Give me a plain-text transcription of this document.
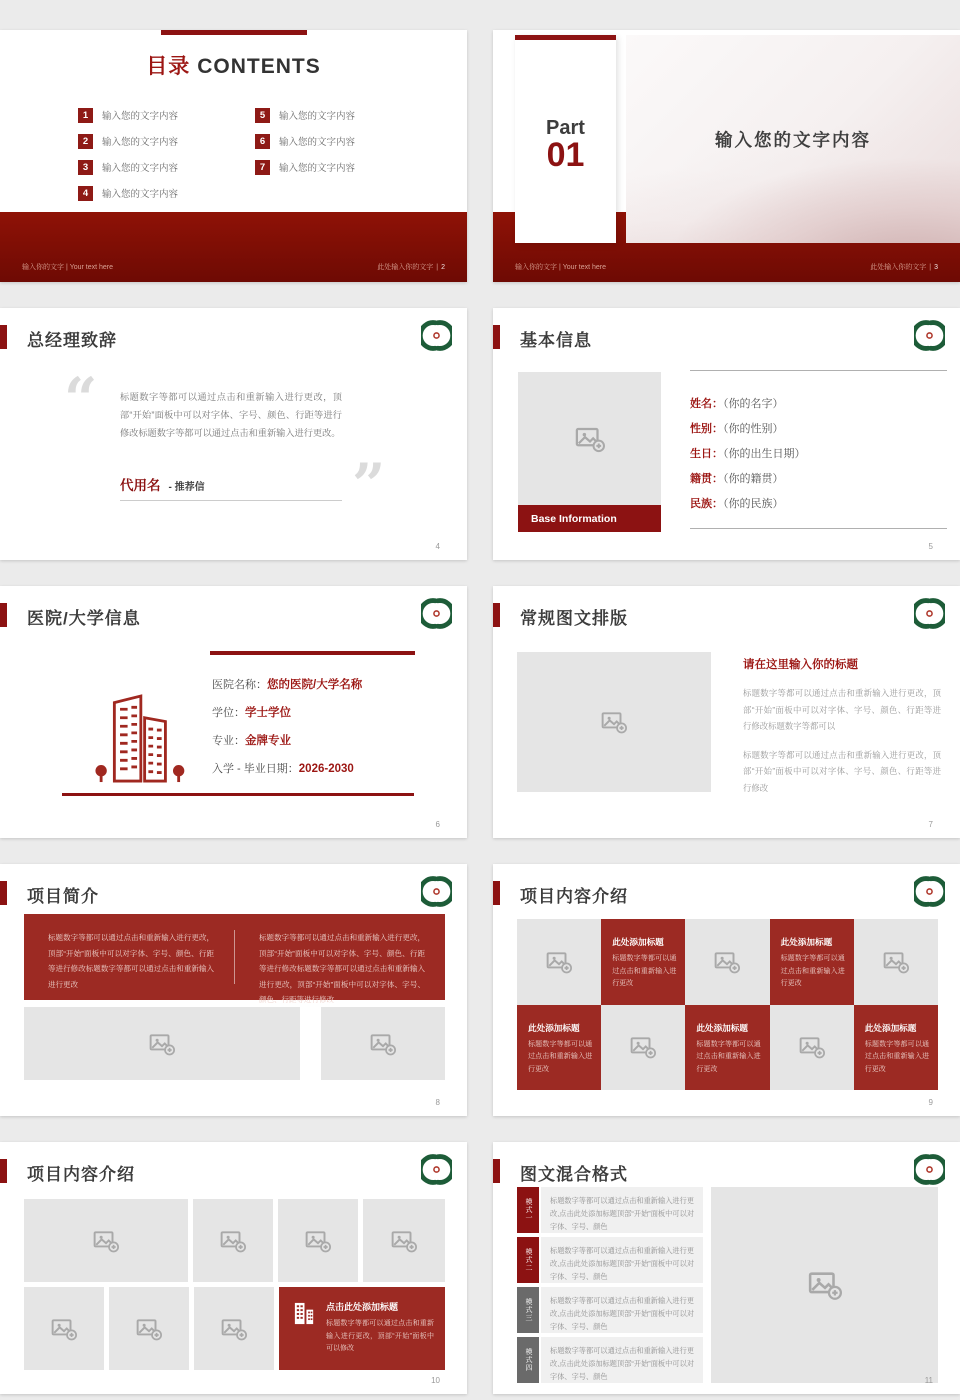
目录 CONTENTS
1	输入您的文字内容
2	输入您的文字内容
3	输入您的文字内容
4	输入您的文字内容
5	输入您的文字内容
6	输入您的文字内容
7	输入您的文字内容
输入你的文字 | Your text here	此处输入你的文字 | 2
输入您的文字内容
Part
01
输入你的文字 | Your text here	此处输入你的文字 | 3
总经理致辞
“ 标题数字等都可以通过点击和重新输入进行更改，顶部“开始”面板中可以对字体、字号、颜色、行距等进行修改标题数字等都可以通过点击和重新输入进行更改。
代用名 - 推荐信	”
4
基本信息
Base Information
姓名：（你的名字）
性别：（你的性别）
生日：（你的出生日期）
籍贯：（你的籍贯）
民族：（你的民族）
5
医院/大学信息
医院名称：您的医院/大学名称
学位：学士学位
专业：金牌专业
入学 - 毕业日期：2026-2030
6
常规图文排版
请在这里输入你的标题
标题数字等都可以通过点击和重新输入进行更改，顶部“开始”面板中可以对字体、字号、颜色、行距等进行修改标题数字等都可以
标题数字等都可以通过点击和重新输入进行更改，顶部“开始”面板中可以对字体、字号、颜色、行距等进行修改
7
项目简介
标题数字等都可以通过点击和重新输入进行更改，顶部“开始”面板中可以对字体、字号、颜色、行距等进行修改标题数字等都可以通过点击和重新输入进行更改
标题数字等都可以通过点击和重新输入进行更改，顶部“开始”面板中可以对字体、字号、颜色、行距等进行修改标题数字等都可以通过点击和重新输入进行更改，顶部“开始”面板中可以对字体、字号、颜色、行距等进行修改
8
项目内容介绍
此处添加标题
标题数字等都可以通过点击和重新输入进行更改
此处添加标题
标题数字等都可以通过点击和重新输入进行更改
此处添加标题
标题数字等都可以通过点击和重新输入进行更改
此处添加标题
标题数字等都可以通过点击和重新输入进行更改
此处添加标题
标题数字等都可以通过点击和重新输入进行更改
9
项目内容介绍
点击此处添加标题
标题数字等都可以通过点击和重新输入进行更改，顶部“开始”面板中可以修改
10
图文混合格式
模式一	标题数字等都可以通过点击和重新输入进行更改,点击此处添加标题顶部“开始”面板中可以对字体、字号、颜色
模式二	标题数字等都可以通过点击和重新输入进行更改,点击此处添加标题顶部“开始”面板中可以对字体、字号、颜色
模式三	标题数字等都可以通过点击和重新输入进行更改,点击此处添加标题顶部“开始”面板中可以对字体、字号、颜色
模式四	标题数字等都可以通过点击和重新输入进行更改,点击此处添加标题顶部“开始”面板中可以对字体、字号、颜色	11
